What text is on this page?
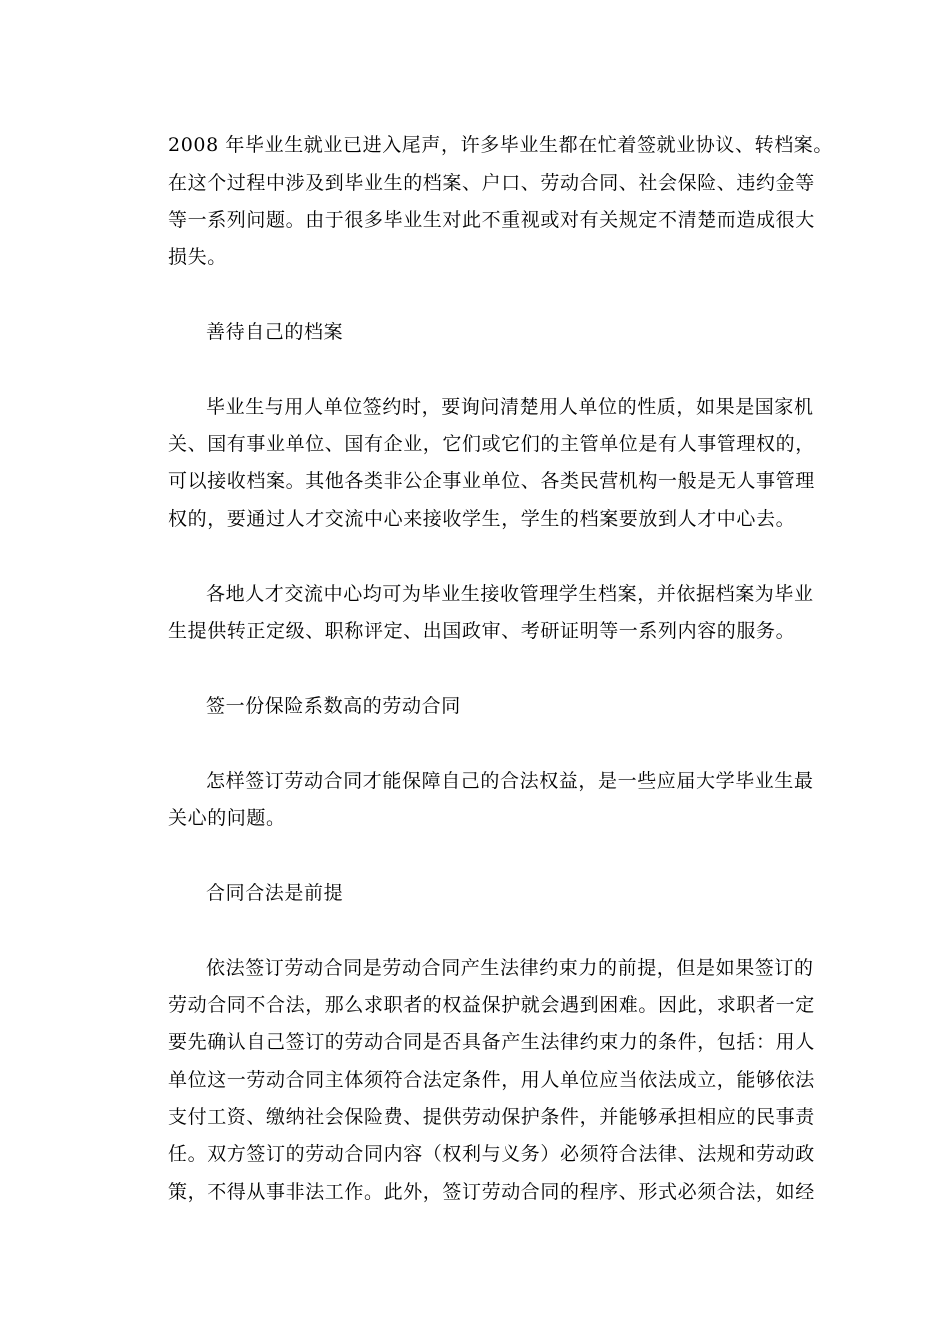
2008 年毕业生就业已进入尾声，许多毕业生都在忙着签就业协议、转档案。
在这个过程中涉及到毕业生的档案、户口、劳动合同、社会保险、违约金等
等一系列问题。由于很多毕业生对此不重视或对有关规定不清楚而造成很大
损失。
善待自己的档案
毕业生与用人单位签约时，要询问清楚用人单位的性质，如果是国家机
关、国有事业单位、国有企业，它们或它们的主管单位是有人事管理权的，
可以接收档案。其他各类非公企事业单位、各类民营机构一般是无人事管理
权的，要通过人才交流中心来接收学生，学生的档案要放到人才中心去。
各地人才交流中心均可为毕业生接收管理学生档案，并依据档案为毕业
生提供转正定级、职称评定、出国政审、考研证明等一系列内容的服务。
签一份保险系数高的劳动合同
怎样签订劳动合同才能保障自己的合法权益，是一些应届大学毕业生最
关心的问题。
合同合法是前提
依法签订劳动合同是劳动合同产生法律约束力的前提，但是如果签订的
劳动合同不合法，那么求职者的权益保护就会遇到困难。因此，求职者一定
要先确认自己签订的劳动合同是否具备产生法律约束力的条件，包括：用人
单位这一劳动合同主体须符合法定条件，用人单位应当依法成立，能够依法
支付工资、缴纳社会保险费、提供劳动保护条件，并能够承担相应的民事责
任。双方签订的劳动合同内容（权利与义务）必须符合法律、法规和劳动政
策，不得从事非法工作。此外，签订劳动合同的程序、形式必须合法，如经
